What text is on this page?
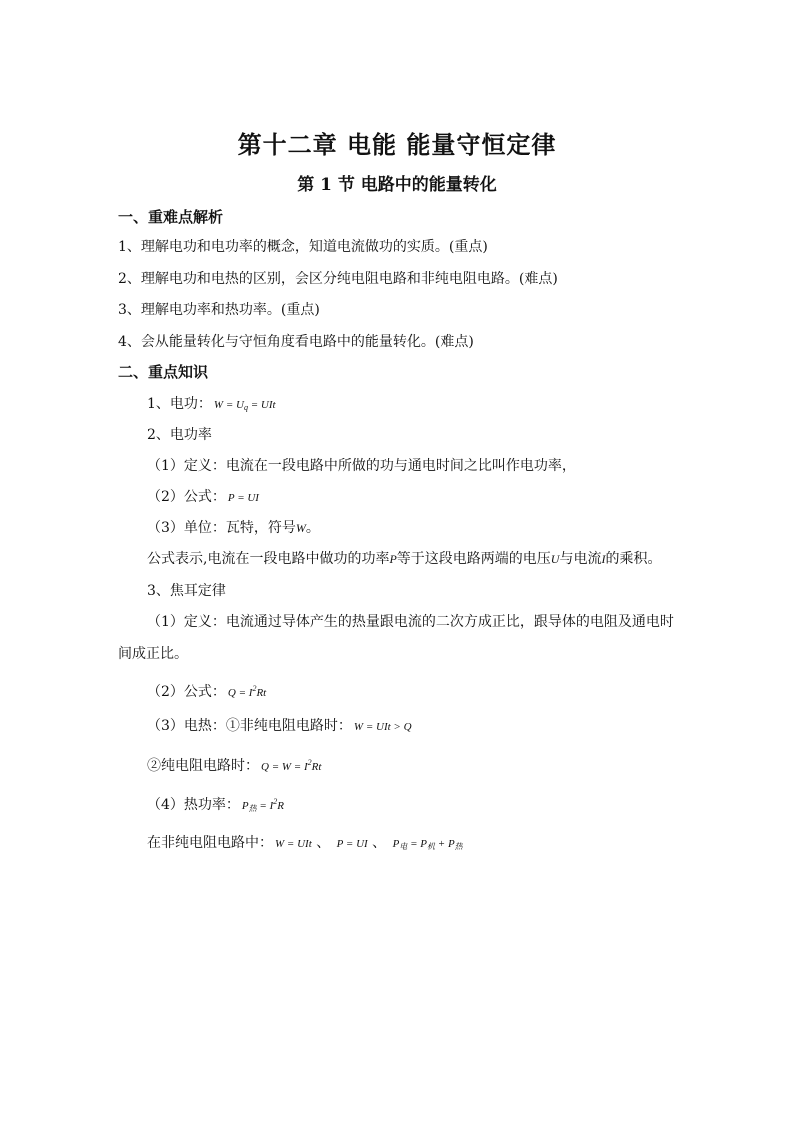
第十二章 电能 能量守恒定律
第 1 节 电路中的能量转化
一、重难点解析
1、理解电功和电功率的概念，知道电流做功的实质。(重点)
2、理解电功和电热的区别，会区分纯电阻电路和非纯电阻电路。(难点)
3、理解电功率和热功率。(重点)
4、会从能量转化与守恒角度看电路中的能量转化。(难点)
二、重点知识
1、电功： $W = U_q$ = UIt
2、电功率
（1）定义：电流在一段电路中所做的功与通电时间之比叫作电功率，
（2）公式： P = UI
（3）单位：瓦特，符号W。
公式表示,电流在一段电路中做功的功率P等于这段电路两端的电压U与电流I的乘积。
3、焦耳定律
（1）定义：电流通过导体产生的热量跟电流的二次方成正比，跟导体的电阻及通电时
间成正比。
（2）公式： $Q = I^2Rt$
（3）电热：①非纯电阻电路时： W = UIt > Q
②纯电阻电路时： $Q = W = I^2Rt$
（4）热功率： $P_热 = I^2R$
在非纯电阻电路中： W = UIt 、 P = UI 、 $P_电 = P_机 + P_热$
